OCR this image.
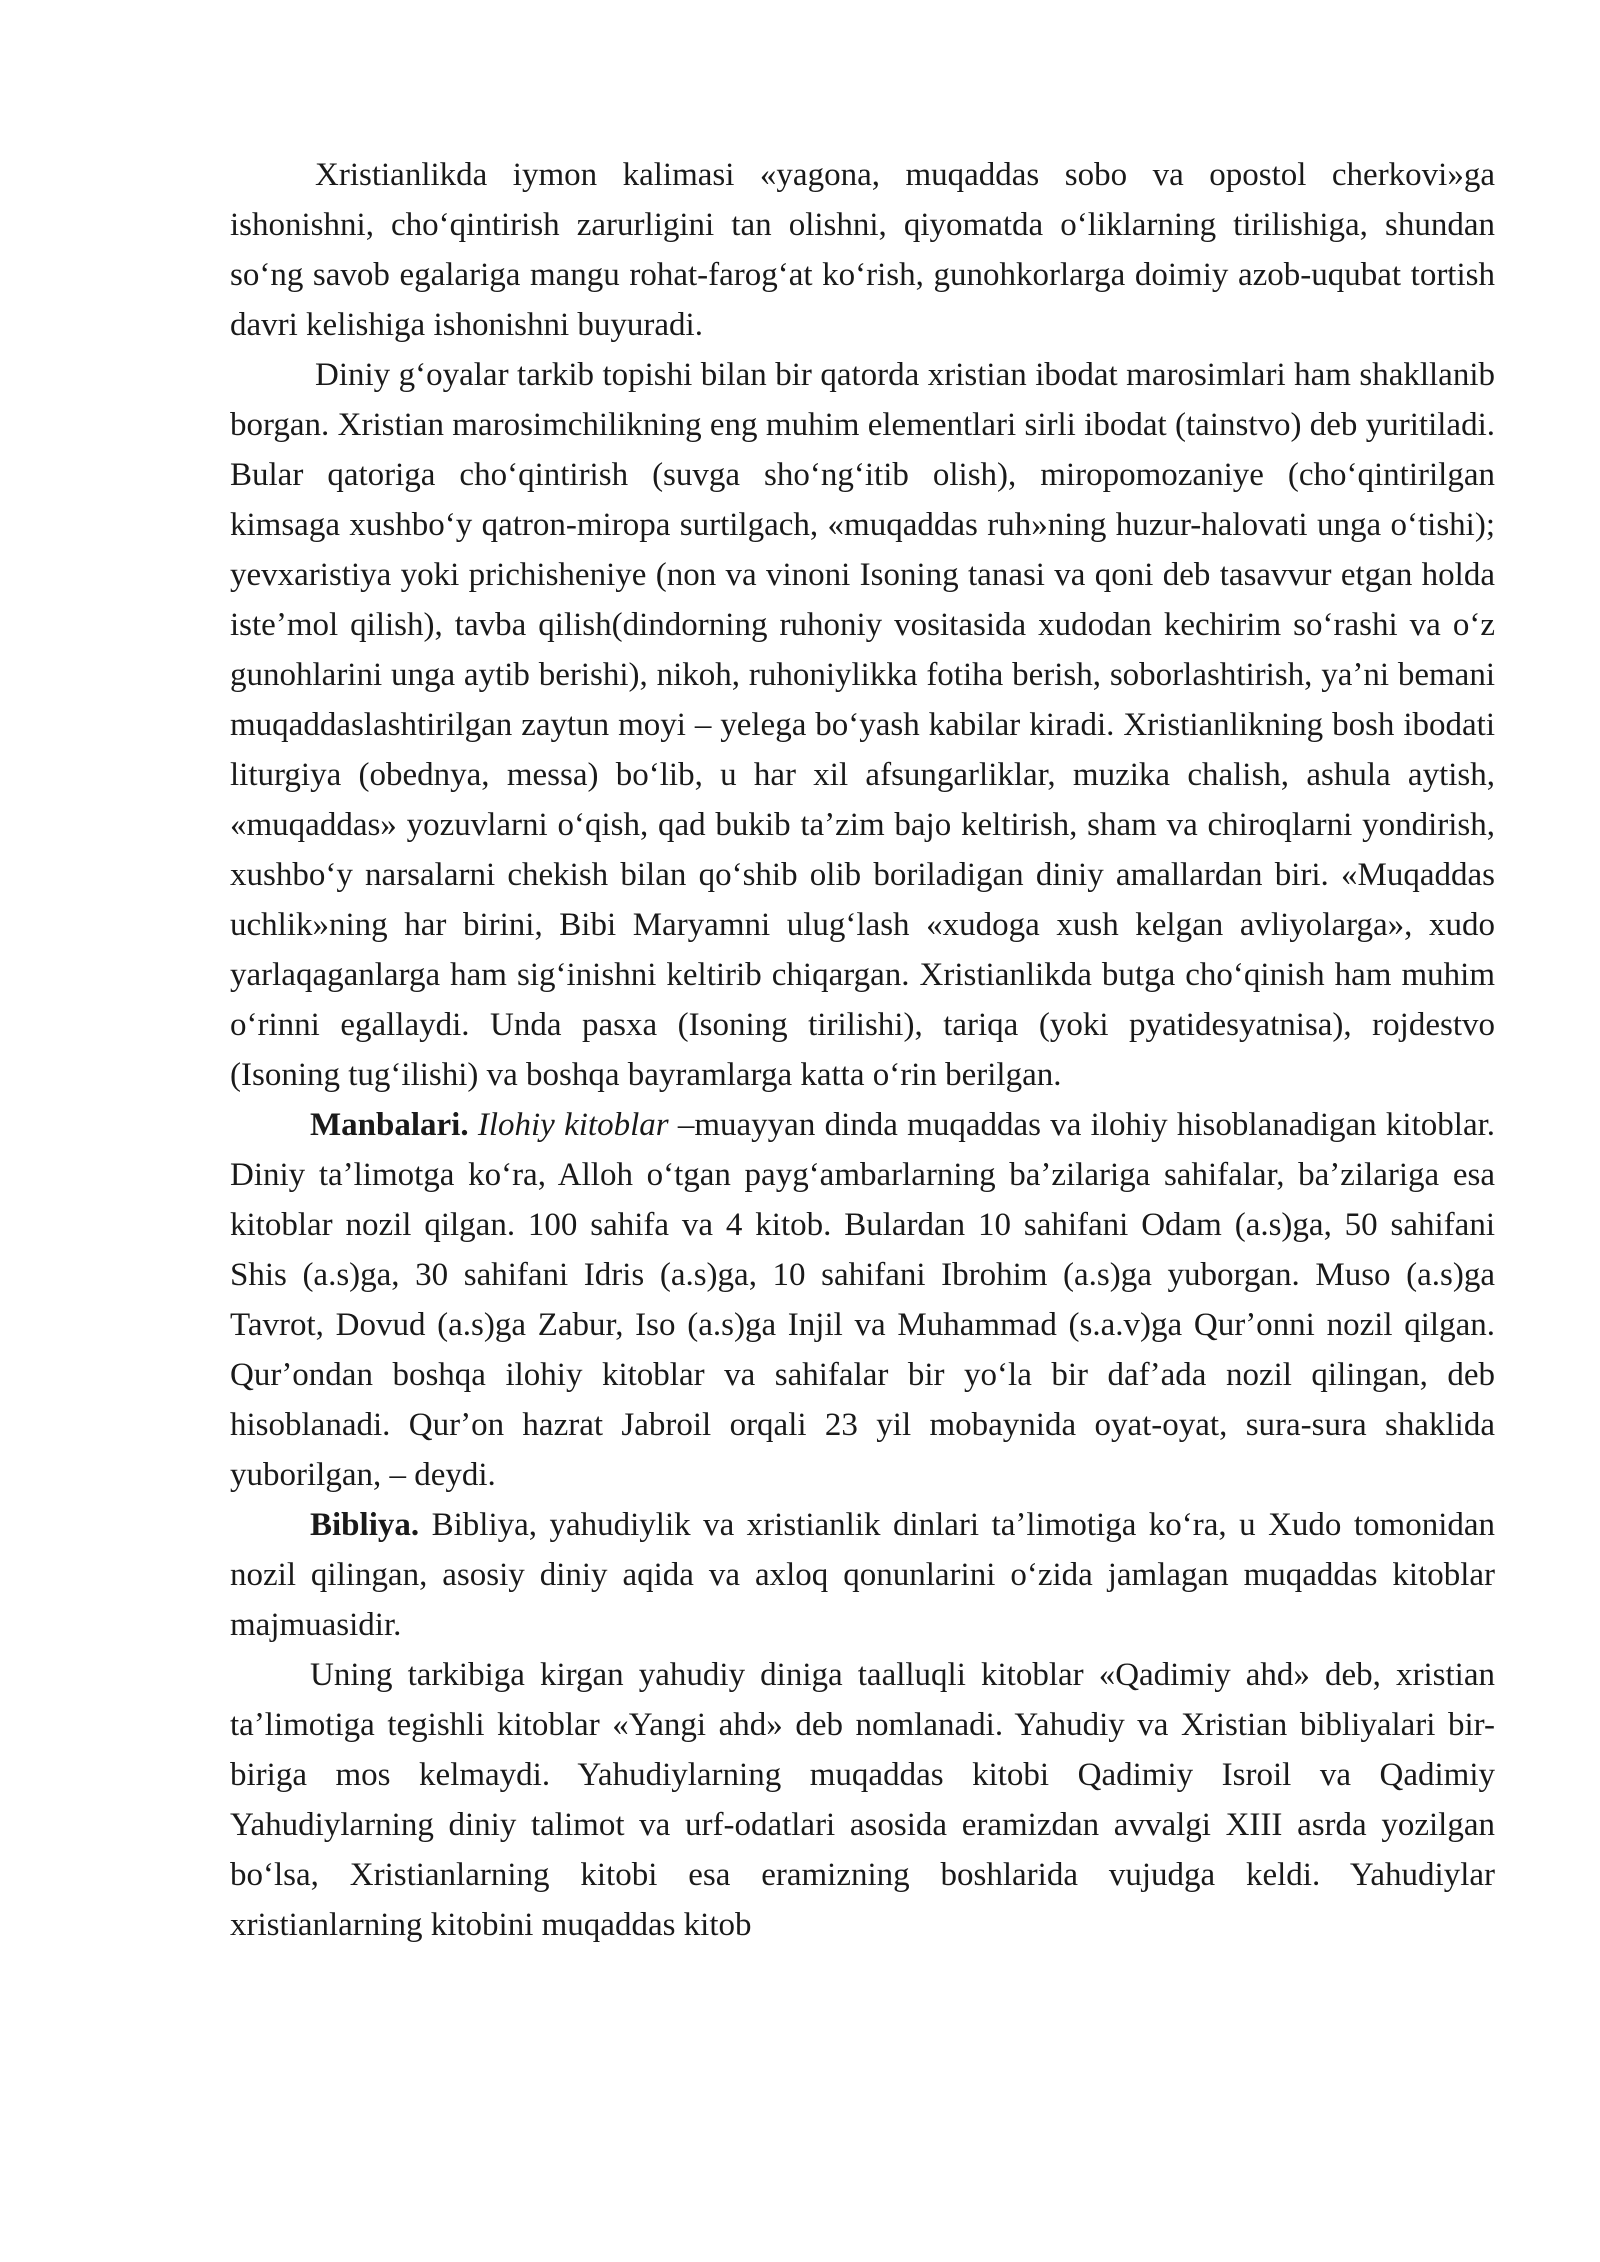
Xristianlikda iymon kalimasi «yagona, muqaddas sobo va opostol cherkovi»ga ishonishni, choʻqintirish zarurligini tan olishni, qiyomatda oʻliklarning tirilishiga, shundan soʻng savob egalariga mangu rohat-farogʻat koʻrish, gunohkorlarga doimiy azob-uqubat tortish davri kelishiga ishonishni buyuradi.

Diniy gʻoyalar tarkib topishi bilan bir qatorda xristian ibodat marosimlari ham shakllanib borgan. Xristian marosimchilikning eng muhim elementlari sirli ibodat (tainstvo) deb yuritiladi. Bular qatoriga choʻqintirish (suvga shoʻngʻitib olish), miropomozaniye (choʻqintirilgan kimsaga xushboʻy qatron-miropa surtilgach, «muqaddas ruh»ning huzur-halovati unga oʻtishi); yevxaristiya yoki prichisheniye (non va vinoni Isoning tanasi va qoni deb tasavvur etgan holda isteʼmol qilish), tavba qilish(dindorning ruhoniy vositasida xudodan kechirim soʻrashi va oʻz gunohlarini unga aytib berishi), nikoh, ruhoniylikka fotiha berish, soborlashtirish, yaʼni bemani muqaddaslashtirilgan zaytun moyi – yelega boʻyash kabilar kiradi. Xristianlikning bosh ibodati liturgiya (obednya, messa) boʻlib, u har xil afsungarliklar, muzika chalish, ashula aytish, «muqaddas» yozuvlarni oʻqish, qad bukib taʼzim bajo keltirish, sham va chiroqlarni yondirish, xushboʻy narsalarni chekish bilan qoʻshib olib boriladigan diniy amallardan biri. «Muqaddas uchlik»ning har birini, Bibi Maryamni ulugʻlash «xudoga xush kelgan avliyolarga», xudo yarlaqaganlarga ham sigʻinishni keltirib chiqargan. Xristianlikda butga choʻqinish ham muhim oʻrinni egallaydi. Unda pasxa (Isoning tirilishi), tariqa (yoki pyatidesyatnisa), rojdestvo (Isoning tugʻilishi) va boshqa bayramlarga katta oʻrin berilgan.

Manbalari. Ilohiy kitoblar –muayyan dinda muqaddas va ilohiy hisoblanadigan kitoblar. Diniy taʼlimotga koʻra, Alloh oʻtgan paygʻambarlarning baʼzilariga sahifalar, baʼzilariga esa kitoblar nozil qilgan. 100 sahifa va 4 kitob. Bulardan 10 sahifani Odam (a.s)ga, 50 sahifani Shis (a.s)ga, 30 sahifani Idris (a.s)ga, 10 sahifani Ibrohim (a.s)ga yuborgan. Muso (a.s)ga Tavrot, Dovud (a.s)ga Zabur, Iso (a.s)ga Injil va Muhammad (s.a.v)ga Qurʼonni nozil qilgan. Qurʼondan boshqa ilohiy kitoblar va sahifalar bir yoʻla bir dafʼada nozil qilingan, deb hisoblanadi. Qurʼon hazrat Jabroil orqali 23 yil mobaynida oyat-oyat, sura-sura shaklida yuborilgan, – deydi.

Bibliya. Bibliya, yahudiylik va xristianlik dinlari taʼlimotiga koʻra, u Xudo tomonidan nozil qilingan, asosiy diniy aqida va axloq qonunlarini oʻzida jamlagan muqaddas kitoblar majmuasidir.

Uning tarkibiga kirgan yahudiy diniga taalluqli kitoblar «Qadimiy ahd» deb, xristian taʼlimotiga tegishli kitoblar «Yangi ahd» deb nomlanadi. Yahudiy va Xristian bibliyalari bir-biriga mos kelmaydi. Yahudiylarning muqaddas kitobi Qadimiy Isroil va Qadimiy Yahudiylarning diniy talimot va urf-odatlari asosida eramizdan avvalgi XIII asrda yozilgan boʻlsa, Xristianlarning kitobi esa eramizning boshlarida vujudga keldi. Yahudiylar xristianlarning kitobini muqaddas kitob
